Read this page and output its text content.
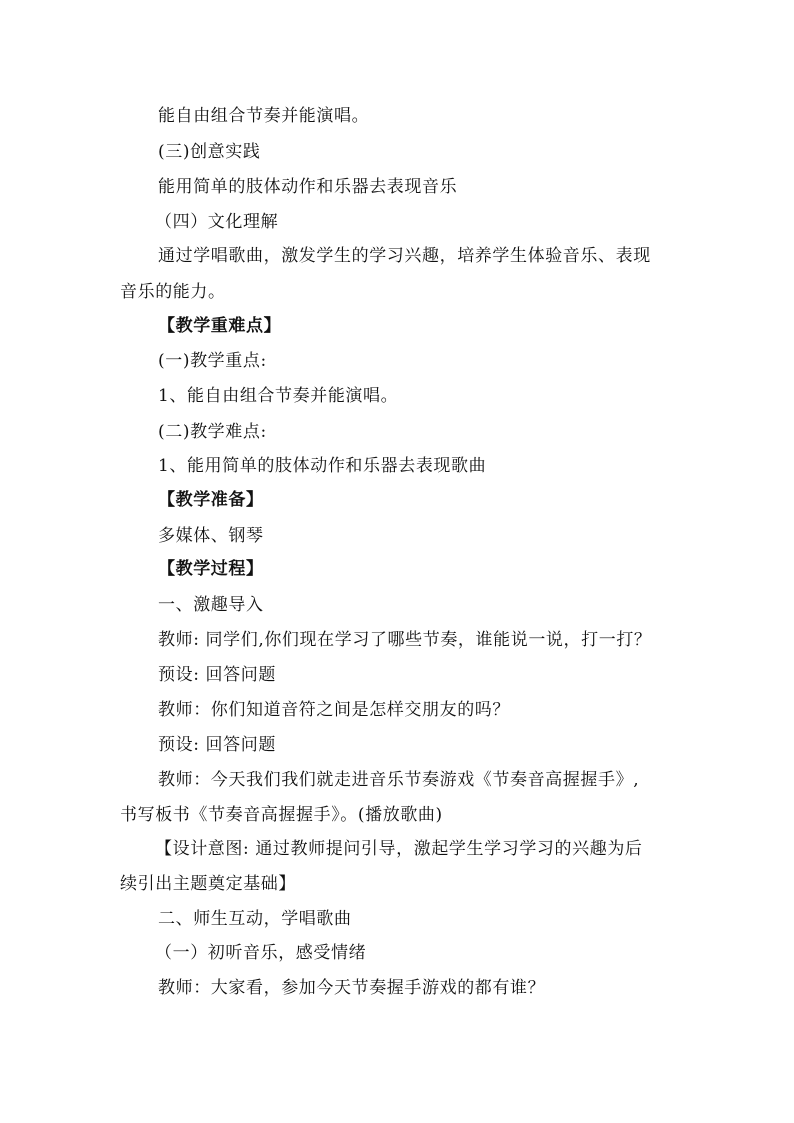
能自由组合节奏并能演唱。
(三)创意实践
能用简单的肢体动作和乐器去表现音乐
（四）文化理解
通过学唱歌曲，激发学生的学习兴趣，培养学生体验音乐、表现
音乐的能力。
【教学重难点】
(一)教学重点:
1、能自由组合节奏并能演唱。
(二)教学难点:
1、能用简单的肢体动作和乐器去表现歌曲
【教学准备】
多媒体、钢琴
【教学过程】
一、激趣导入
教师: 同学们,你们现在学习了哪些节奏，谁能说一说，打一打？
预设: 回答问题
教师：你们知道音符之间是怎样交朋友的吗？
预设: 回答问题
教师：今天我们我们就走进音乐节奏游戏《节奏音高握握手》,
书写板书《节奏音高握握手》。(播放歌曲)
【设计意图: 通过教师提问引导，激起学生学习学习的兴趣为后
续引出主题奠定基础】
二、师生互动，学唱歌曲
（一）初听音乐，感受情绪
教师：大家看，参加今天节奏握手游戏的都有谁？
